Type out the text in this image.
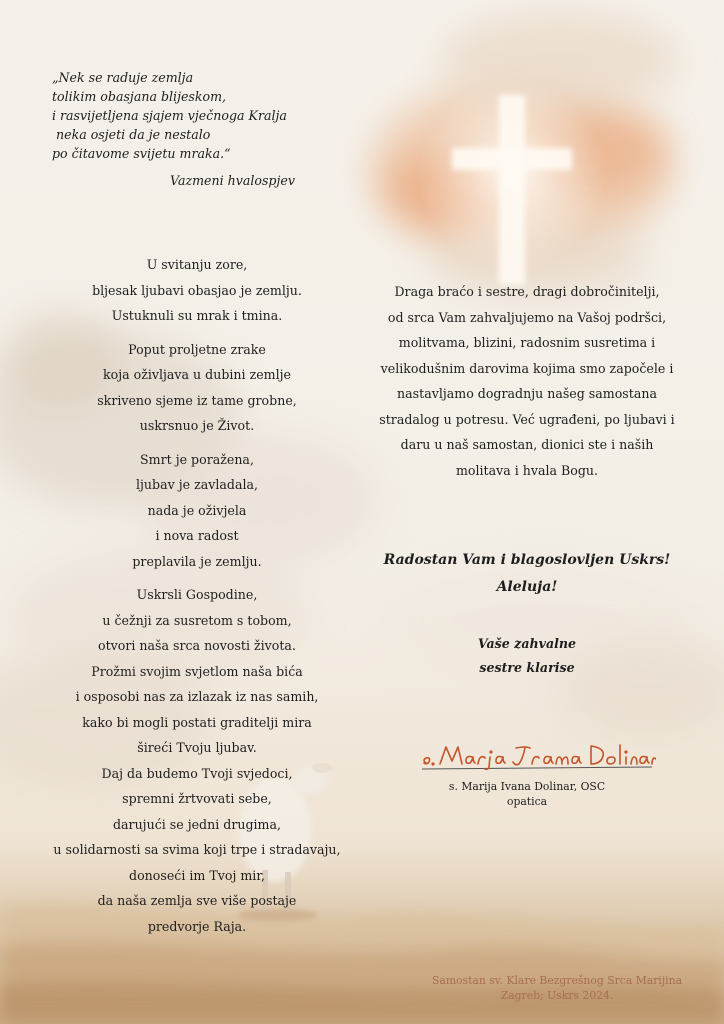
„Nek se raduje zemlja
tolikim obasjana blijeskom,
i rasvijetljena sjajem vječnoga Kralja
neka osjeti da je nestalo
po čitavome svijetu mraka.“
Vazmeni hvalospjev
U svitanju zore,
bljesak ljubavi obasjao je zemlju.
Ustuknuli su mrak i tmina.
Poput proljetne zrake
koja oživljava u dubini zemlje
skriveno sjeme iz tame grobne,
uskrsnuo je Život.
Smrt je poražena,
ljubav je zavladala,
nada je oživjela
i nova radost
preplavila je zemlju.
Uskrsli Gospodine,
u čežnji za susretom s tobom,
otvori naša srca novosti života.
Prožmi svojim svjetlom naša bića
i osposobi nas za izlazak iz nas samih,
kako bi mogli postati graditelji mira
šireći Tvoju ljubav.
Daj da budemo Tvoji svjedoci,
spremni žrtvovati sebe,
darujući se jedni drugima,
u solidarnosti sa svima koji trpe i stradavaju,
donoseći im Tvoj mir,
da naša zemlja sve više postaje
predvorje Raja.
Draga braćo i sestre, dragi dobročinitelji,
od srca Vam zahvaljujemo na Vašoj podršci,
molitvama, blizini, radosnim susretima i
velikodušnim darovima kojima smo započele i
nastavljamo dogradnju našeg samostana
stradalog u potresu. Već ugrađeni, po ljubavi i
daru u naš samostan, dionici ste i naših
molitava i hvala Bogu.
Radostan Vam i blagoslovljen Uskrs!
Aleluja!
Vaše zahvalne
sestre klarise
s. Marija Ivana Dolinar, OSC
opatica
Samostan sv. Klare Bezgrešnog Srca Marijina
Zagreb; Uskrs 2024.
